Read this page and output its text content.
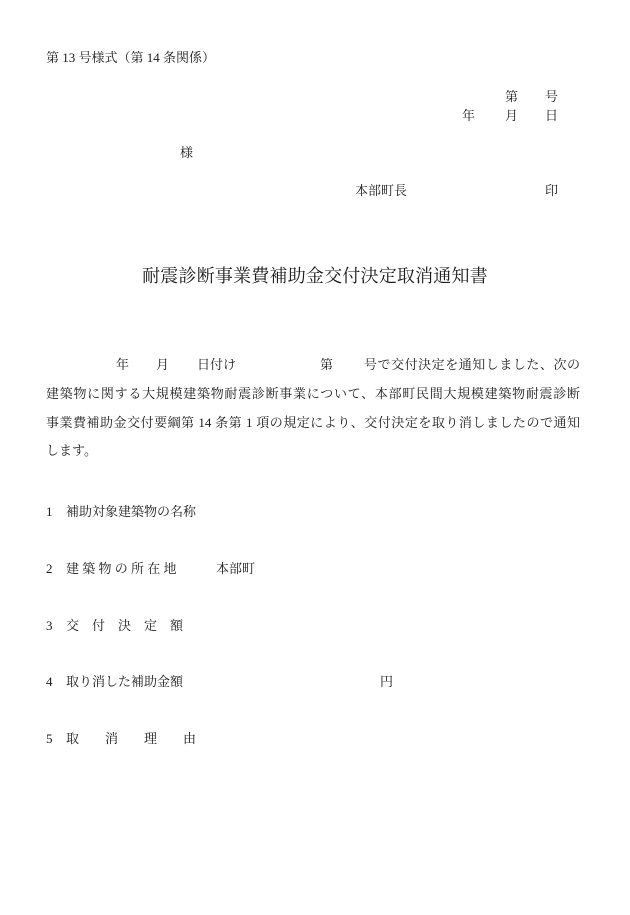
第 13 号様式（第 14 条関係）
第 号
年 月 日
様
本部町長	印
耐震診断事業費補助金交付決定取消通知書
年 月 日付け	第 号で交付決定を通知しました、次の
建築物に関する大規模建築物耐震診断事業について、本部町民間大規模建築物耐震診断
事業費補助金交付要綱第 14 条第 1 項の規定により、交付決定を取り消しましたので通知
します。
1 補助対象建築物の名称
2 建 築 物 の 所 在 地	本部町
3 交　付　決　定　額
4 取り消した補助金額	円
5 取　　消　　理　　由
